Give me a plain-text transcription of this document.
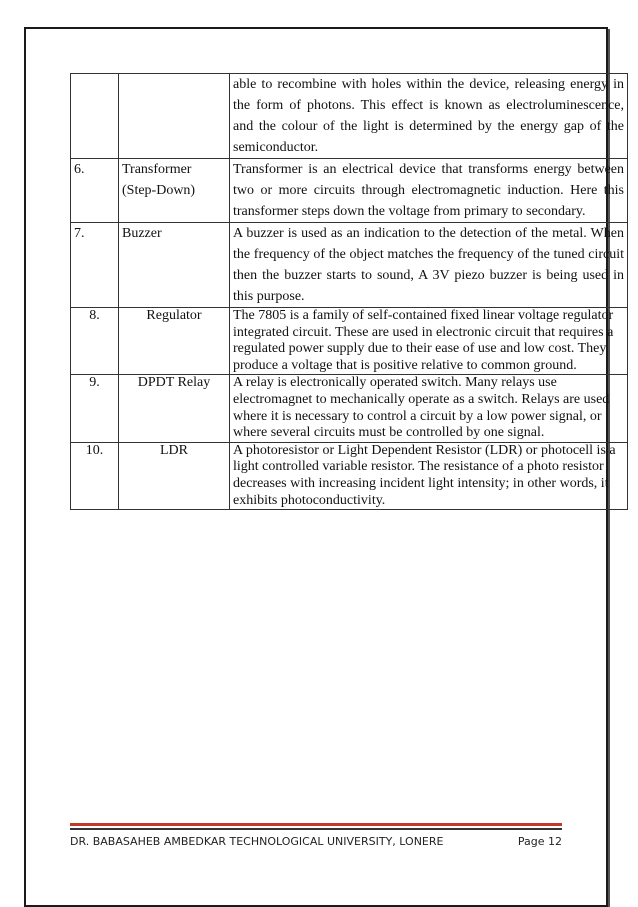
		able to recombine with holes within the device, releasing energy in the form of photons. This effect is known as electroluminescence, and the colour of the light is determined by the energy gap of the semiconductor.
6.	Transformer (Step-Down)	Transformer is an electrical device that transforms energy between two or more circuits through electromagnetic induction. Here this transformer steps down the voltage from primary to secondary.
7.	Buzzer	A buzzer is used as an indication to the detection of the metal. When the frequency of the object matches the frequency of the tuned circuit then the buzzer starts to sound, A 3V piezo buzzer is being used in this purpose.
8.	Regulator	The 7805 is a family of self-contained fixed linear voltage regulator integrated circuit. These are used in electronic circuit that requires a regulated power supply due to their ease of use and low cost. They produce a voltage that is positive relative to common ground.
9.	DPDT Relay	A relay is electronically operated switch. Many relays use electromagnet to mechanically operate as a switch. Relays are used where it is necessary to control a circuit by a low power signal, or where several circuits must be controlled by one signal.
10.	LDR	A photoresistor or Light Dependent Resistor (LDR) or photocell is a light controlled variable resistor. The resistance of a photo resistor decreases with increasing incident light intensity; in other words, it exhibits photoconductivity.
DR. BABASAHEB AMBEDKAR TECHNOLOGICAL UNIVERSITY, LONERE	Page 12
